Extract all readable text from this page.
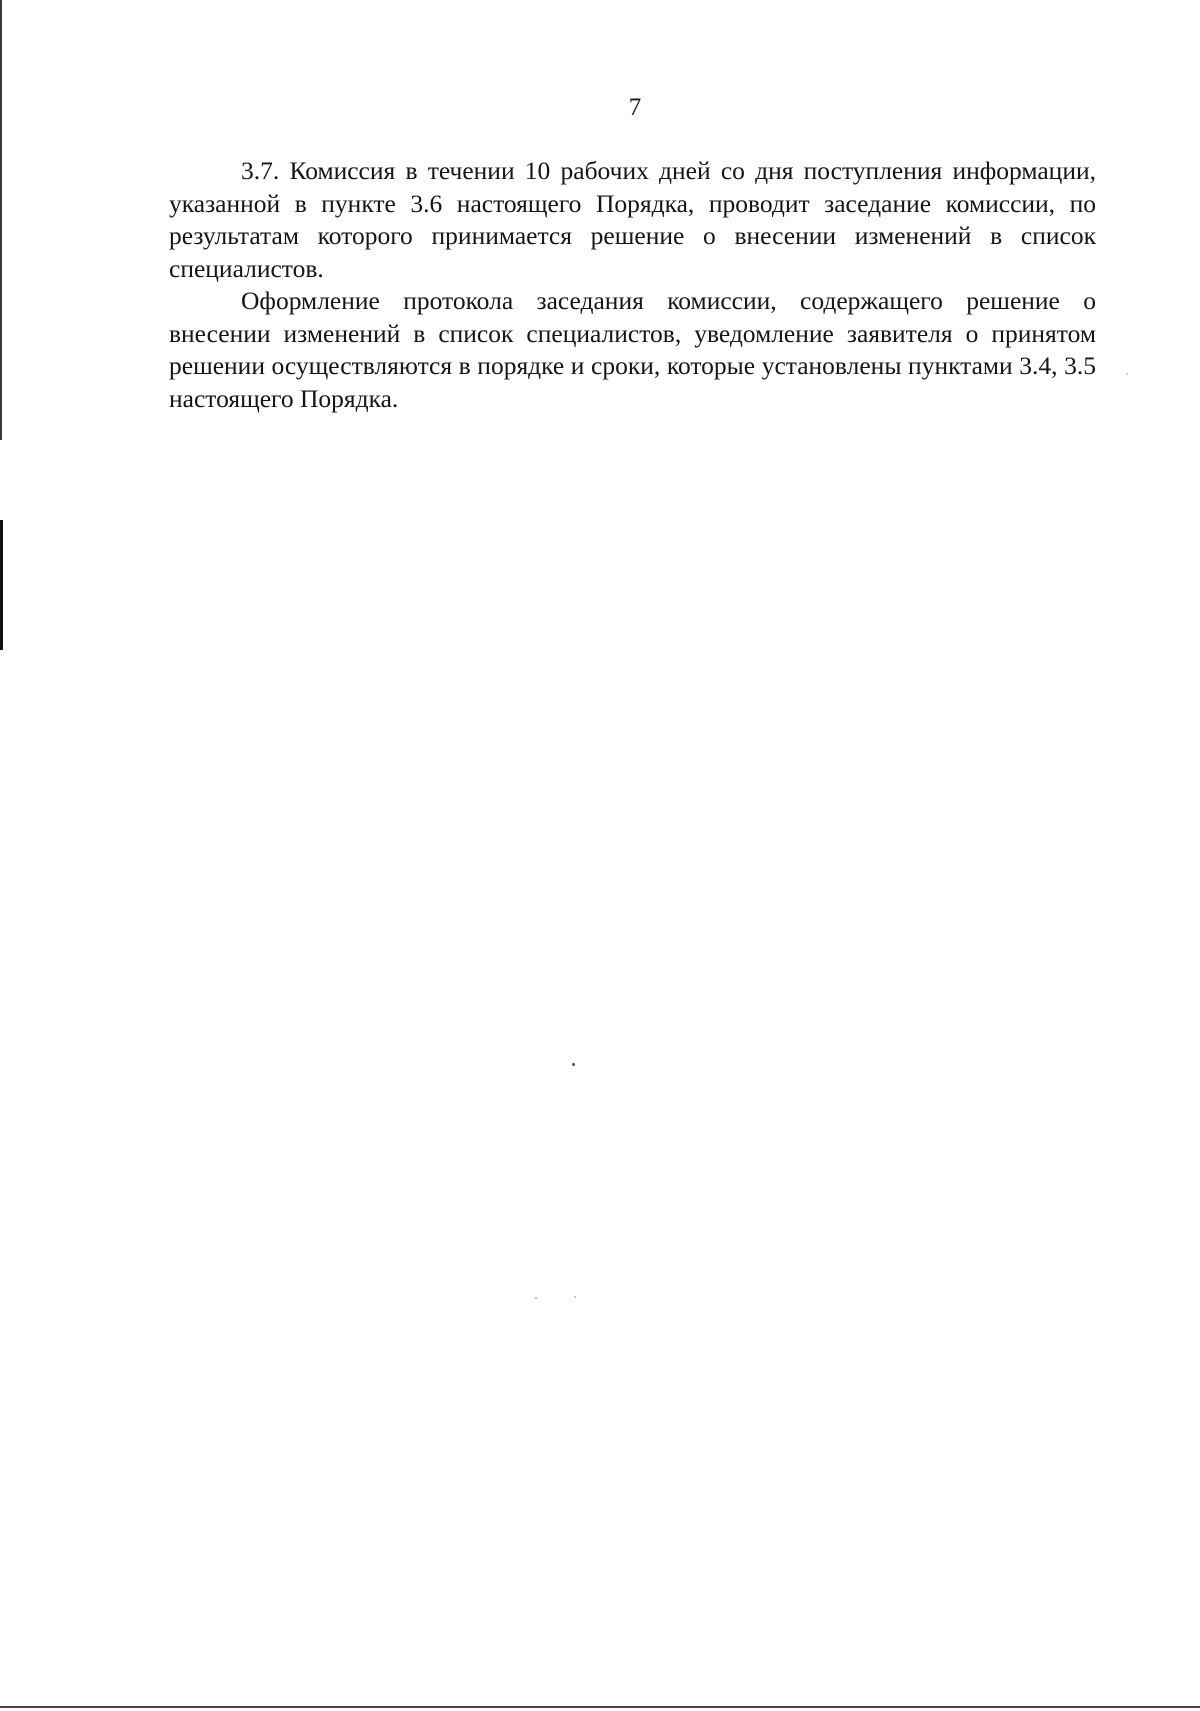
7

3.7. Комиссия в течении 10 рабочих дней со дня поступления информации, указанной в пункте 3.6 настоящего Порядка, проводит заседание комиссии, по результатам которого принимается решение о внесении изменений в список специалистов.

Оформление протокола заседания комиссии, содержащего решение о внесении изменений в список специалистов, уведомление заявителя о принятом решении осуществляются в порядке и сроки, которые установлены пунктами 3.4, 3.5 настоящего Порядка.
